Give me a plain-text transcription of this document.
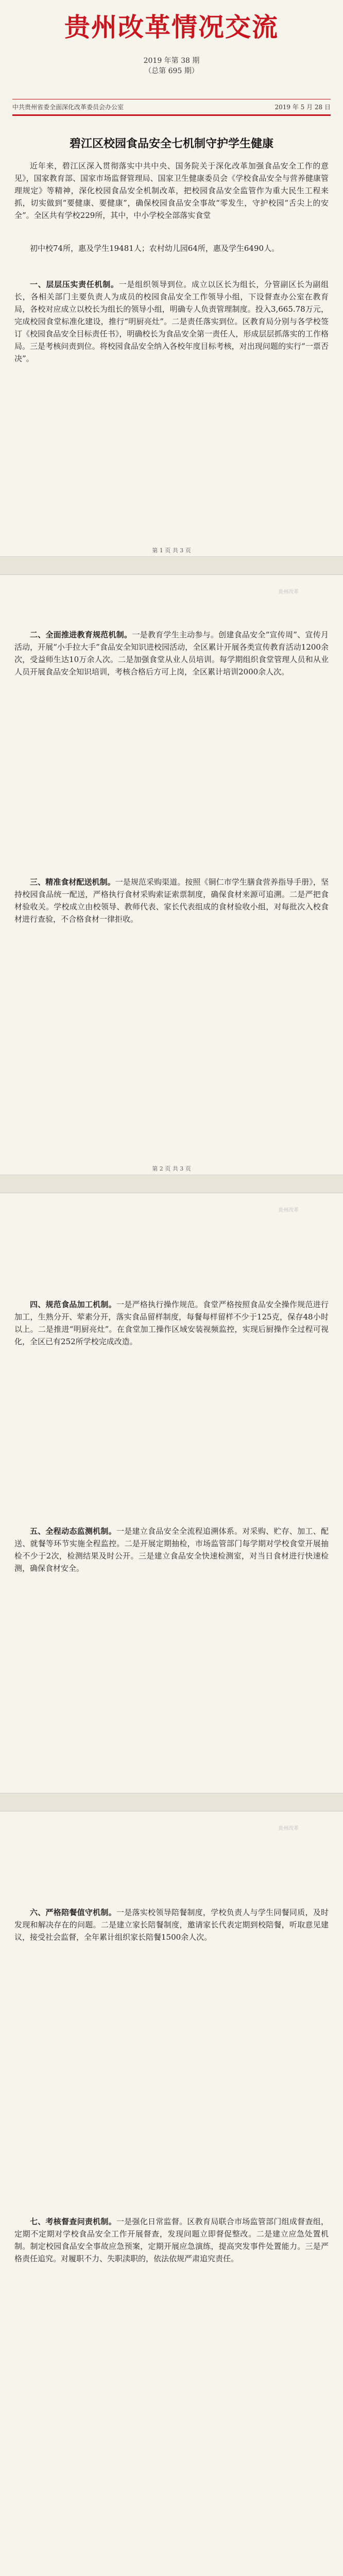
贵州改革情况交流
2019 年第 38 期
（总第 695 期）
中共贵州省委全面深化改革委员会办公室	2019 年 5 月 28 日
碧江区校园食品安全七机制守护学生健康
近年来，碧江区深入贯彻落实中共中央、国务院关于深化改革加强食品安全工作的意见》，国家教育部、国家市场监督管理局、国家卫生健康委员会《学校食品安全与营养健康管理规定》等精神，深化校园食品安全机制改革，把校园食品安全监管作为重大民生工程来抓，切实做到“要健康、要健康”，确保校园食品安全事故“零发生，守护校园“舌尖上的安全”。全区共有学校229所，其中，中小学校全部落实食堂
初中校74所，惠及学生19481人；农村幼儿园64所，惠及学生6490人。
一、层层压实责任机制。一是组织领导到位。成立以区长为组长，分管副区长为副组长，各相关部门主要负责人为成员的校园食品安全工作领导小组，下设督查办公室在教育局，各校对应成立以校长为组长的领导小组，明确专人负责管理制度。投入3,665.78万元，完成校园食堂标准化建设，推行“明厨亮灶”。二是责任落实到位。区教育局分别与各学校签订《校园食品安全目标责任书》，明确校长为食品安全第一责任人，形成层层抓落实的工作格局。三是考核问责到位。将校园食品安全纳入各校年度目标考核，对出现问题的实行“一票否决”。
二、全面推进教育规范机制。一是教育学生主动参与。创建食品安全“宣传周”、宣传月活动，开展“小手拉大手”食品安全知识进校园活动，全区累计开展各类宣传教育活动1200余次，受益师生达10万余人次。二是加强食堂从业人员培训。每学期组织食堂管理人员和从业人员开展食品安全知识培训，考核合格后方可上岗，全区累计培训2000余人次。
三、精准食材配送机制。一是规范采购渠道。按照《铜仁市学生膳食营养指导手册》，坚持校园食品统一配送，严格执行食材采购索证索票制度，确保食材来源可追溯。二是严把食材验收关。学校成立由校领导、教师代表、家长代表组成的食材验收小组，对每批次入校食材进行查验，不合格食材一律拒收。
四、规范食品加工机制。一是严格执行操作规范。食堂严格按照食品安全操作规范进行加工，生熟分开、荤素分开，落实食品留样制度，每餐每样留样不少于125克，保存48小时以上。二是推进“明厨亮灶”。在食堂加工操作区域安装视频监控，实现后厨操作全过程可视化，全区已有252所学校完成改造。
五、全程动态监测机制。一是建立食品安全全流程追溯体系。对采购、贮存、加工、配送、就餐等环节实施全程监控。二是开展定期抽检，市场监管部门每学期对学校食堂开展抽检不少于2次，检测结果及时公开。三是建立食品安全快速检测室，对当日食材进行快速检测，确保食材安全。
六、严格陪餐值守机制。一是落实校领导陪餐制度，学校负责人与学生同餐同质，及时发现和解决存在的问题。二是建立家长陪餐制度，邀请家长代表定期到校陪餐，听取意见建议，接受社会监督，全年累计组织家长陪餐1500余人次。
七、考核督查问责机制。一是强化日常监督。区教育局联合市场监管部门组成督查组，定期不定期对学校食品安全工作开展督查，发现问题立即督促整改。二是建立应急处置机制。制定校园食品安全事故应急预案，定期开展应急演练，提高突发事件处置能力。三是严格责任追究。对履职不力、失职渎职的，依法依规严肃追究责任。
第 1 页 共 3 页
第 2 页 共 3 页
贵州改革
贵州改革
贵州改革
